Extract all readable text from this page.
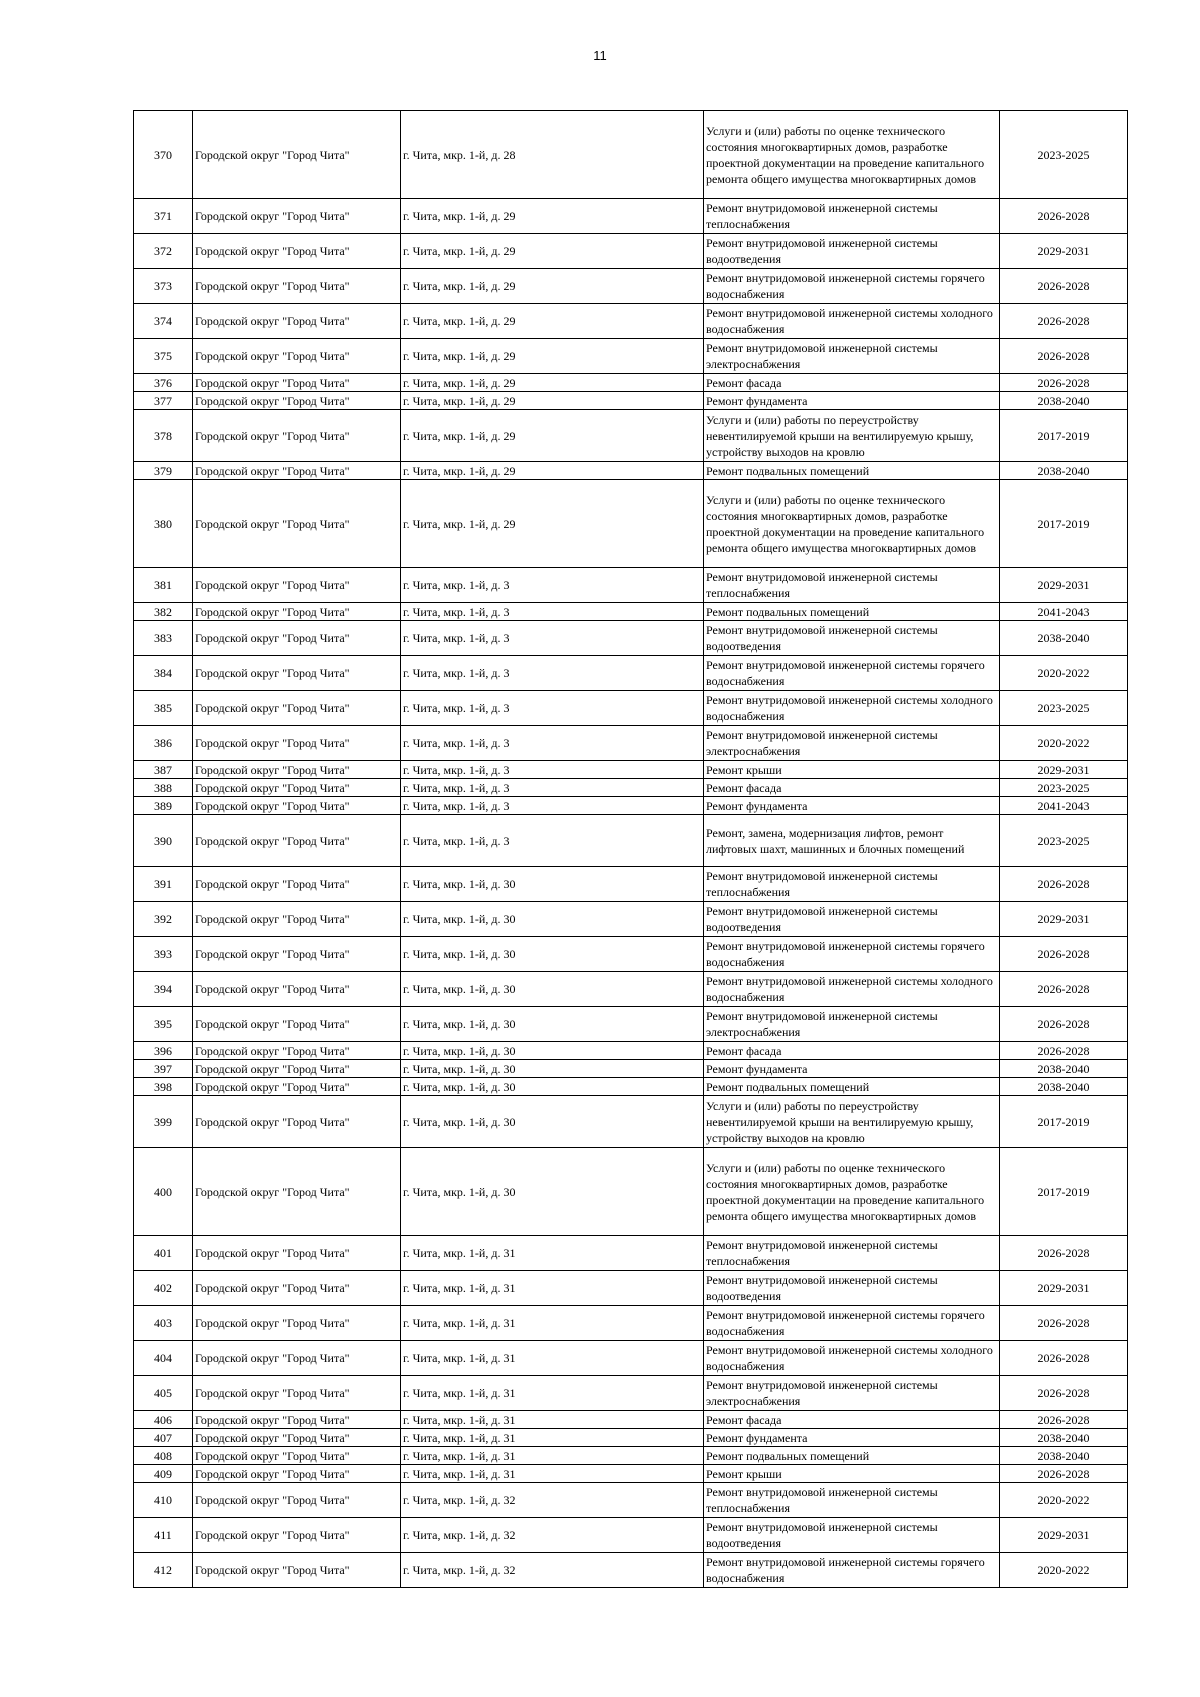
11
370	Городской округ "Город Чита"	г. Чита, мкр. 1-й, д. 28	Услуги и (или) работы по оценке технического состояния многоквартирных домов, разработке проектной документации на проведение капитального ремонта общего имущества многоквартирных домов	2023-2025
371	Городской округ "Город Чита"	г. Чита, мкр. 1-й, д. 29	Ремонт внутридомовой инженерной системы теплоснабжения	2026-2028
372	Городской округ "Город Чита"	г. Чита, мкр. 1-й, д. 29	Ремонт внутридомовой инженерной системы водоотведения	2029-2031
373	Городской округ "Город Чита"	г. Чита, мкр. 1-й, д. 29	Ремонт внутридомовой инженерной системы горячего водоснабжения	2026-2028
374	Городской округ "Город Чита"	г. Чита, мкр. 1-й, д. 29	Ремонт внутридомовой инженерной системы холодного водоснабжения	2026-2028
375	Городской округ "Город Чита"	г. Чита, мкр. 1-й, д. 29	Ремонт внутридомовой инженерной системы электроснабжения	2026-2028
376	Городской округ "Город Чита"	г. Чита, мкр. 1-й, д. 29	Ремонт фасада	2026-2028
377	Городской округ "Город Чита"	г. Чита, мкр. 1-й, д. 29	Ремонт фундамента	2038-2040
378	Городской округ "Город Чита"	г. Чита, мкр. 1-й, д. 29	Услуги и (или) работы по переустройству невентилируемой крыши на вентилируемую крышу, устройству выходов на кровлю	2017-2019
379	Городской округ "Город Чита"	г. Чита, мкр. 1-й, д. 29	Ремонт подвальных помещений	2038-2040
380	Городской округ "Город Чита"	г. Чита, мкр. 1-й, д. 29	Услуги и (или) работы по оценке технического состояния многоквартирных домов, разработке проектной документации на проведение капитального ремонта общего имущества многоквартирных домов	2017-2019
381	Городской округ "Город Чита"	г. Чита, мкр. 1-й, д. 3	Ремонт внутридомовой инженерной системы теплоснабжения	2029-2031
382	Городской округ "Город Чита"	г. Чита, мкр. 1-й, д. 3	Ремонт подвальных помещений	2041-2043
383	Городской округ "Город Чита"	г. Чита, мкр. 1-й, д. 3	Ремонт внутридомовой инженерной системы водоотведения	2038-2040
384	Городской округ "Город Чита"	г. Чита, мкр. 1-й, д. 3	Ремонт внутридомовой инженерной системы горячего водоснабжения	2020-2022
385	Городской округ "Город Чита"	г. Чита, мкр. 1-й, д. 3	Ремонт внутридомовой инженерной системы холодного водоснабжения	2023-2025
386	Городской округ "Город Чита"	г. Чита, мкр. 1-й, д. 3	Ремонт внутридомовой инженерной системы электроснабжения	2020-2022
387	Городской округ "Город Чита"	г. Чита, мкр. 1-й, д. 3	Ремонт крыши	2029-2031
388	Городской округ "Город Чита"	г. Чита, мкр. 1-й, д. 3	Ремонт фасада	2023-2025
389	Городской округ "Город Чита"	г. Чита, мкр. 1-й, д. 3	Ремонт фундамента	2041-2043
390	Городской округ "Город Чита"	г. Чита, мкр. 1-й, д. 3	Ремонт, замена, модернизация лифтов, ремонт лифтовых шахт, машинных и блочных помещений	2023-2025
391	Городской округ "Город Чита"	г. Чита, мкр. 1-й, д. 30	Ремонт внутридомовой инженерной системы теплоснабжения	2026-2028
392	Городской округ "Город Чита"	г. Чита, мкр. 1-й, д. 30	Ремонт внутридомовой инженерной системы водоотведения	2029-2031
393	Городской округ "Город Чита"	г. Чита, мкр. 1-й, д. 30	Ремонт внутридомовой инженерной системы горячего водоснабжения	2026-2028
394	Городской округ "Город Чита"	г. Чита, мкр. 1-й, д. 30	Ремонт внутридомовой инженерной системы холодного водоснабжения	2026-2028
395	Городской округ "Город Чита"	г. Чита, мкр. 1-й, д. 30	Ремонт внутридомовой инженерной системы электроснабжения	2026-2028
396	Городской округ "Город Чита"	г. Чита, мкр. 1-й, д. 30	Ремонт фасада	2026-2028
397	Городской округ "Город Чита"	г. Чита, мкр. 1-й, д. 30	Ремонт фундамента	2038-2040
398	Городской округ "Город Чита"	г. Чита, мкр. 1-й, д. 30	Ремонт подвальных помещений	2038-2040
399	Городской округ "Город Чита"	г. Чита, мкр. 1-й, д. 30	Услуги и (или) работы по переустройству невентилируемой крыши на вентилируемую крышу, устройству выходов на кровлю	2017-2019
400	Городской округ "Город Чита"	г. Чита, мкр. 1-й, д. 30	Услуги и (или) работы по оценке технического состояния многоквартирных домов, разработке проектной документации на проведение капитального ремонта общего имущества многоквартирных домов	2017-2019
401	Городской округ "Город Чита"	г. Чита, мкр. 1-й, д. 31	Ремонт внутридомовой инженерной системы теплоснабжения	2026-2028
402	Городской округ "Город Чита"	г. Чита, мкр. 1-й, д. 31	Ремонт внутридомовой инженерной системы водоотведения	2029-2031
403	Городской округ "Город Чита"	г. Чита, мкр. 1-й, д. 31	Ремонт внутридомовой инженерной системы горячего водоснабжения	2026-2028
404	Городской округ "Город Чита"	г. Чита, мкр. 1-й, д. 31	Ремонт внутридомовой инженерной системы холодного водоснабжения	2026-2028
405	Городской округ "Город Чита"	г. Чита, мкр. 1-й, д. 31	Ремонт внутридомовой инженерной системы электроснабжения	2026-2028
406	Городской округ "Город Чита"	г. Чита, мкр. 1-й, д. 31	Ремонт фасада	2026-2028
407	Городской округ "Город Чита"	г. Чита, мкр. 1-й, д. 31	Ремонт фундамента	2038-2040
408	Городской округ "Город Чита"	г. Чита, мкр. 1-й, д. 31	Ремонт подвальных помещений	2038-2040
409	Городской округ "Город Чита"	г. Чита, мкр. 1-й, д. 31	Ремонт крыши	2026-2028
410	Городской округ "Город Чита"	г. Чита, мкр. 1-й, д. 32	Ремонт внутридомовой инженерной системы теплоснабжения	2020-2022
411	Городской округ "Город Чита"	г. Чита, мкр. 1-й, д. 32	Ремонт внутридомовой инженерной системы водоотведения	2029-2031
412	Городской округ "Город Чита"	г. Чита, мкр. 1-й, д. 32	Ремонт внутридомовой инженерной системы горячего водоснабжения	2020-2022
